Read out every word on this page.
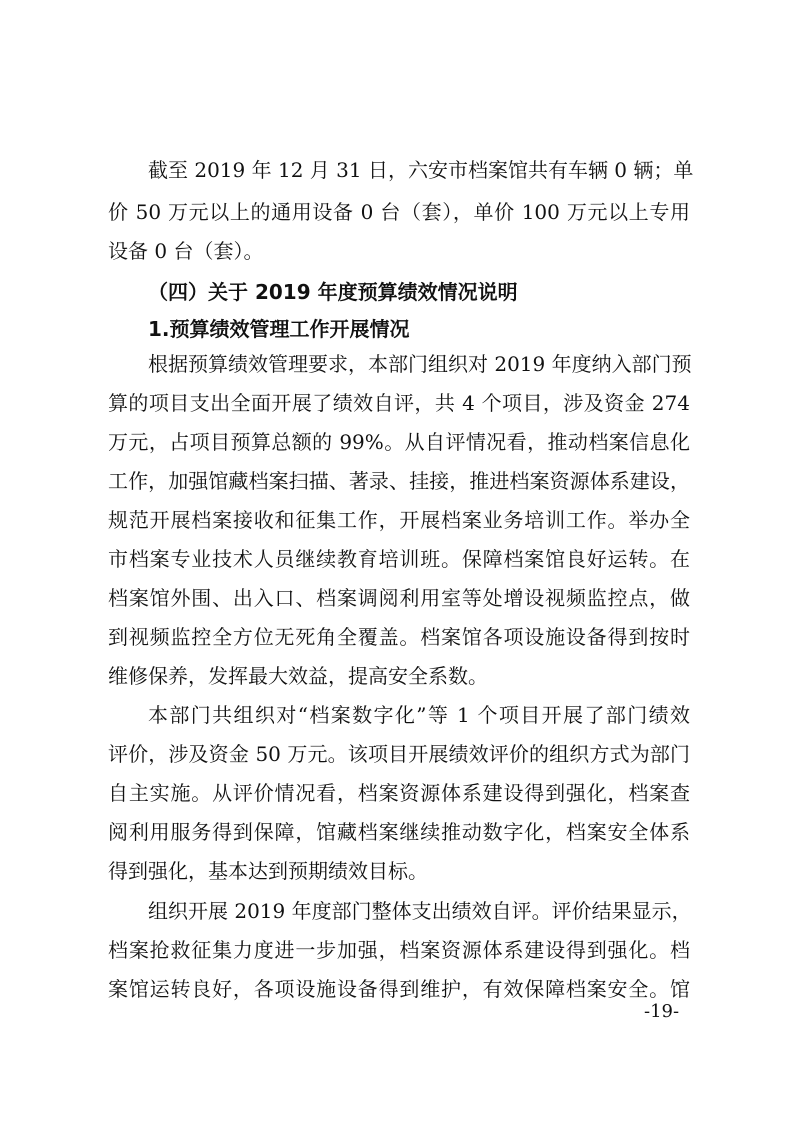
截至 2019 年 12 月 31 日，六安市档案馆共有车辆 0 辆；单
价 50 万元以上的通用设备 0 台（套），单价 100 万元以上专用
设备 0 台（套）。
（四）关于 2019 年度预算绩效情况说明
1.预算绩效管理工作开展情况
根据预算绩效管理要求，本部门组织对 2019 年度纳入部门预
算的项目支出全面开展了绩效自评，共 4 个项目，涉及资金 274
万元，占项目预算总额的 99%。从自评情况看，推动档案信息化
工作，加强馆藏档案扫描、著录、挂接，推进档案资源体系建设，
规范开展档案接收和征集工作，开展档案业务培训工作。举办全
市档案专业技术人员继续教育培训班。保障档案馆良好运转。在
档案馆外围、出入口、档案调阅利用室等处增设视频监控点，做
到视频监控全方位无死角全覆盖。档案馆各项设施设备得到按时
维修保养，发挥最大效益，提高安全系数。
本部门共组织对“档案数字化”等 1 个项目开展了部门绩效
评价，涉及资金 50 万元。该项目开展绩效评价的组织方式为部门
自主实施。从评价情况看，档案资源体系建设得到强化，档案查
阅利用服务得到保障，馆藏档案继续推动数字化，档案安全体系
得到强化，基本达到预期绩效目标。
组织开展 2019 年度部门整体支出绩效自评。评价结果显示，
档案抢救征集力度进一步加强，档案资源体系建设得到强化。档
案馆运转良好，各项设施设备得到维护，有效保障档案安全。馆
-19-
